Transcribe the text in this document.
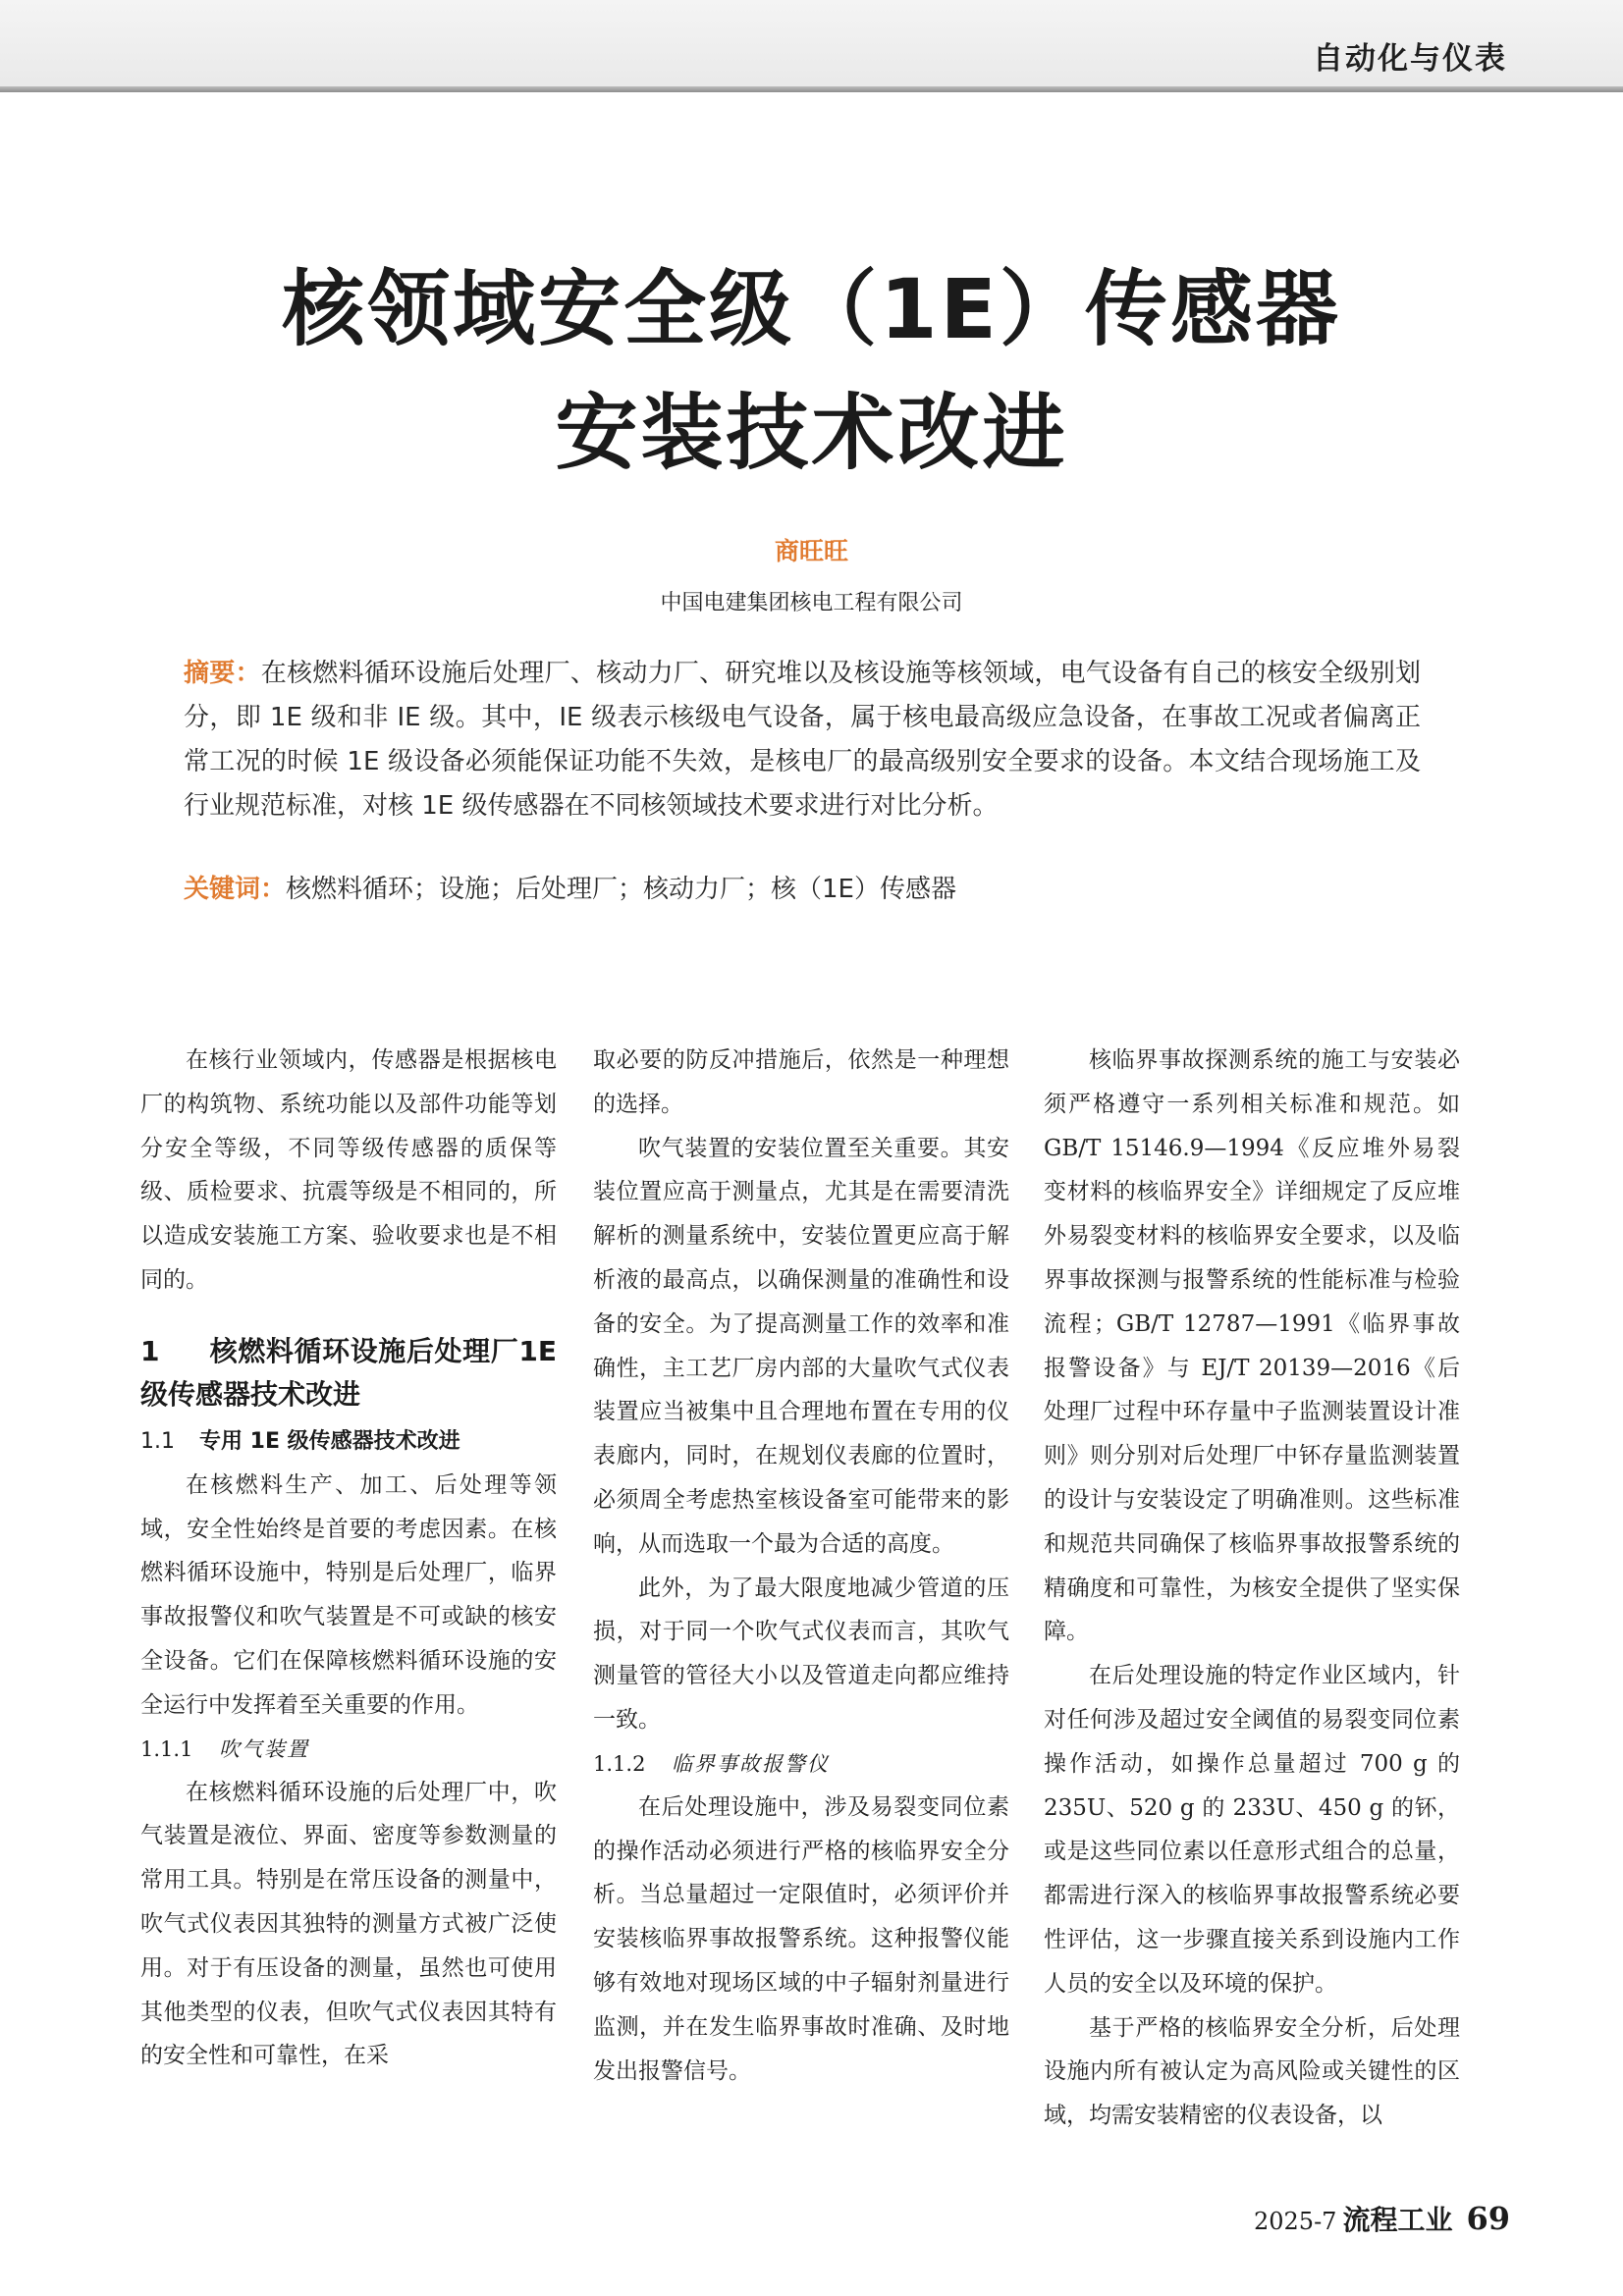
自动化与仪表
核领域安全级（1E）传感器
安装技术改进
商旺旺
中国电建集团核电工程有限公司
摘要：在核燃料循环设施后处理厂、核动力厂、研究堆以及核设施等核领域，电气设备有自己的核安全级别划分，即 1E 级和非 IE 级。其中，IE 级表示核级电气设备，属于核电最高级应急设备，在事故工况或者偏离正常工况的时候 1E 级设备必须能保证功能不失效，是核电厂的最高级别安全要求的设备。本文结合现场施工及行业规范标准，对核 1E 级传感器在不同核领域技术要求进行对比分析。
关键词：核燃料循环；设施；后处理厂；核动力厂；核（1E）传感器

在核行业领域内，传感器是根据核电厂的构筑物、系统功能以及部件功能等划分安全等级，不同等级传感器的质保等级、质检要求、抗震等级是不相同的，所以造成安装施工方案、验收要求也是不相同的。

1 核燃料循环设施后处理厂1E 级传感器技术改进
1.1 专用 1E 级传感器技术改进

在核燃料生产、加工、后处理等领域，安全性始终是首要的考虑因素。在核燃料循环设施中，特别是后处理厂，临界事故报警仪和吹气装置是不可或缺的核安全设备。它们在保障核燃料循环设施的安全运行中发挥着至关重要的作用。

1.1.1 吹气装置

在核燃料循环设施的后处理厂中，吹气装置是液位、界面、密度等参数测量的常用工具。特别是在常压设备的测量中，吹气式仪表因其独特的测量方式被广泛使用。对于有压设备的测量，虽然也可使用其他类型的仪表，但吹气式仪表因其特有的安全性和可靠性，在采

取必要的防反冲措施后，依然是一种理想的选择。

吹气装置的安装位置至关重要。其安装位置应高于测量点，尤其是在需要清洗解析的测量系统中，安装位置更应高于解析液的最高点，以确保测量的准确性和设备的安全。为了提高测量工作的效率和准确性，主工艺厂房内部的大量吹气式仪表装置应当被集中且合理地布置在专用的仪表廊内，同时，在规划仪表廊的位置时，必须周全考虑热室核设备室可能带来的影响，从而选取一个最为合适的高度。

此外，为了最大限度地减少管道的压损，对于同一个吹气式仪表而言，其吹气测量管的管径大小以及管道走向都应维持一致。

1.1.2 临界事故报警仪

在后处理设施中，涉及易裂变同位素的操作活动必须进行严格的核临界安全分析。当总量超过一定限值时，必须评价并安装核临界事故报警系统。这种报警仪能够有效地对现场区域的中子辐射剂量进行监测，并在发生临界事故时准确、及时地发出报警信号。

核临界事故探测系统的施工与安装必须严格遵守一系列相关标准和规范。如 GB/T 15146.9—1994《反应堆外易裂变材料的核临界安全》详细规定了反应堆外易裂变材料的核临界安全要求，以及临界事故探测与报警系统的性能标准与检验流程；GB/T 12787—1991《临界事故报警设备》与 EJ/T 20139—2016《后处理厂过程中环存量中子监测装置设计准则》则分别对后处理厂中钚存量监测装置的设计与安装设定了明确准则。这些标准和规范共同确保了核临界事故报警系统的精确度和可靠性，为核安全提供了坚实保障。

在后处理设施的特定作业区域内，针对任何涉及超过安全阈值的易裂变同位素操作活动，如操作总量超过 700 g 的 235U、520 g 的 233U、450 g 的钚，或是这些同位素以任意形式组合的总量，都需进行深入的核临界事故报警系统必要性评估，这一步骤直接关系到设施内工作人员的安全以及环境的保护。

基于严格的核临界安全分析，后处理设施内所有被认定为高风险或关键性的区域，均需安装精密的仪表设备，以

2025-7 流程工业 69
